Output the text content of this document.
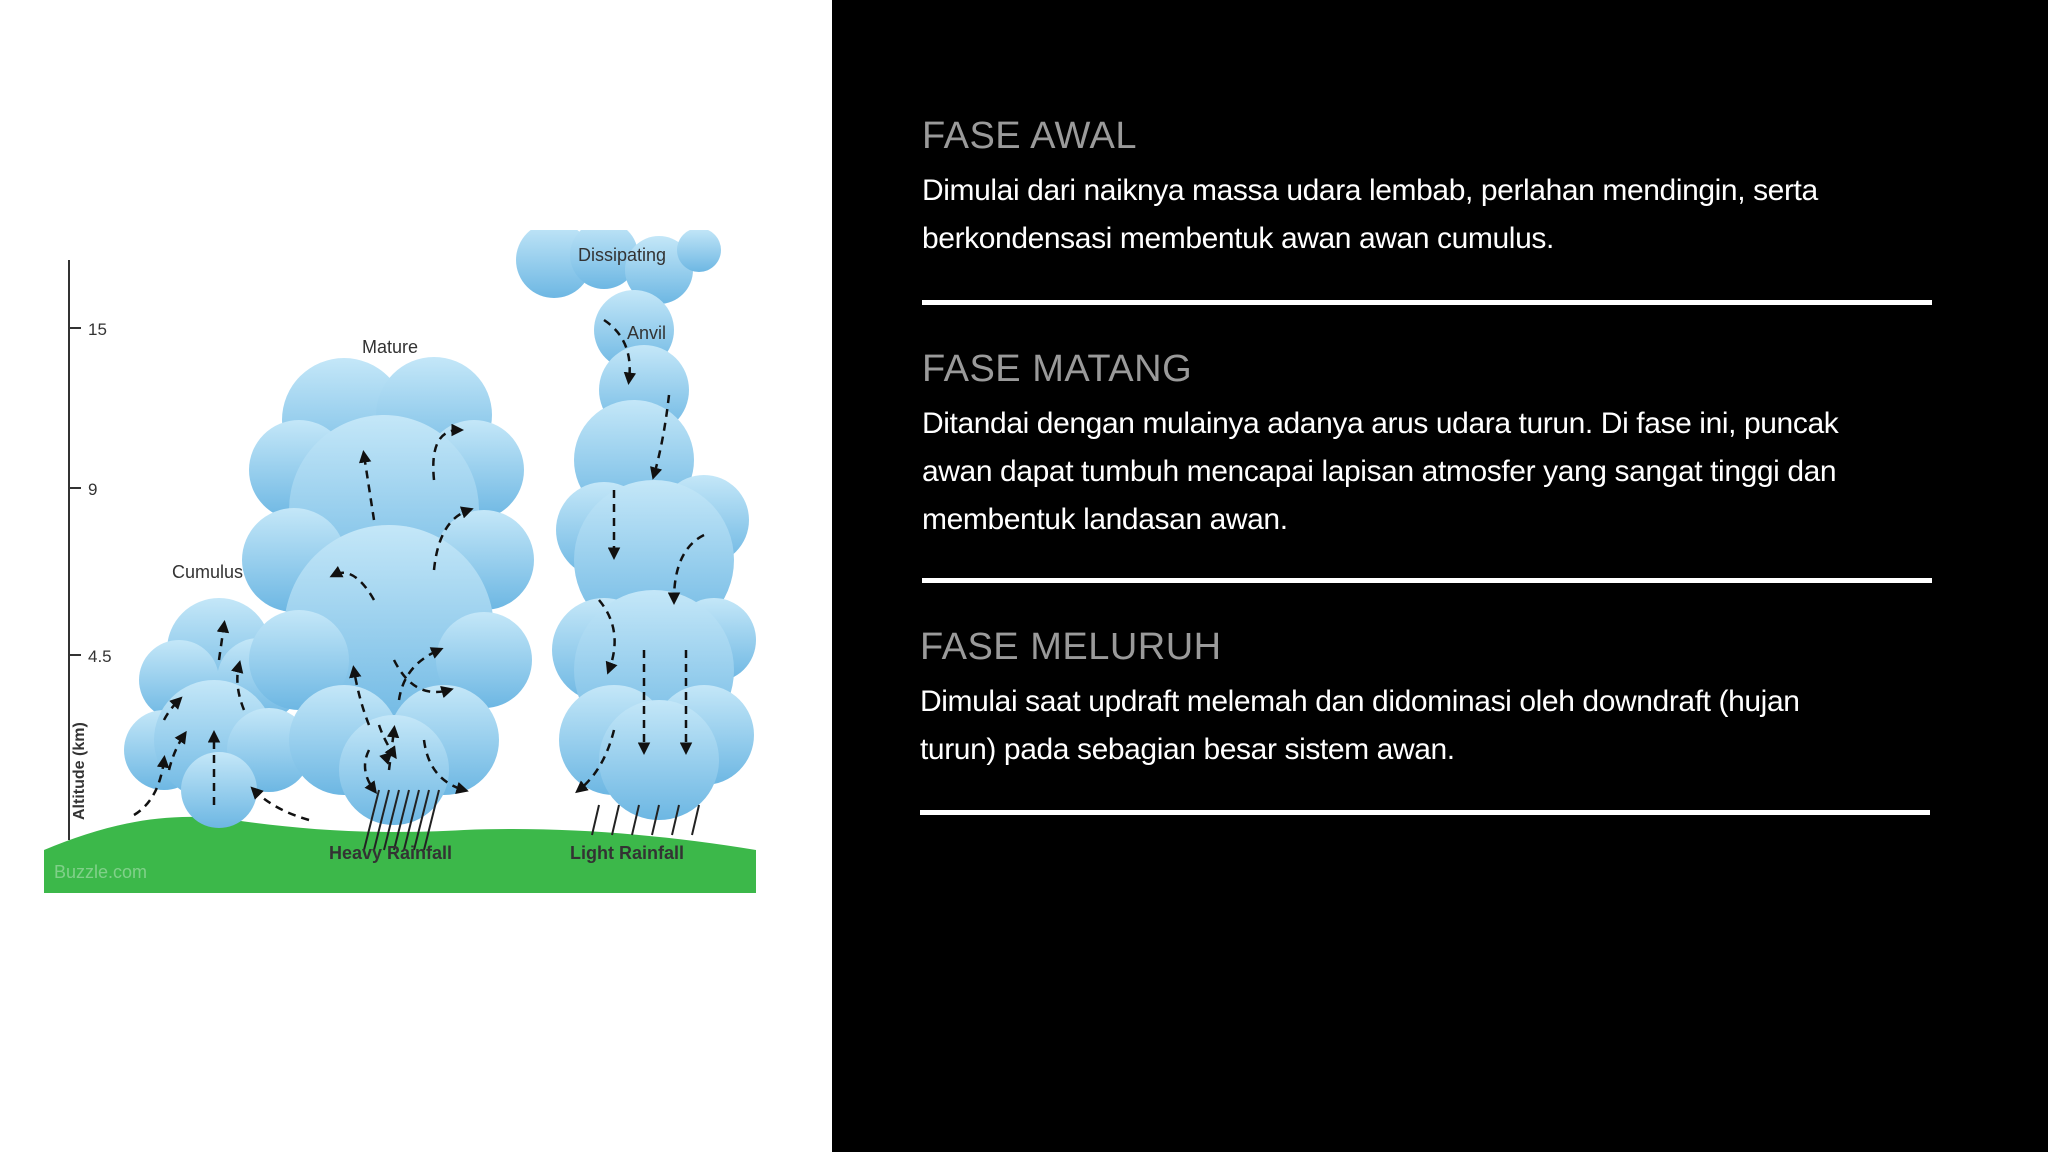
15
9
4.5
Altitude (km)
Cumulus
Mature
Dissipating
Anvil
Heavy Rainfall	Light Rainfall
Buzzle.com

FASE AWAL

Dimulai dari naiknya massa udara lembab, perlahan mendingin, serta
berkondensasi membentuk awan awan cumulus.

FASE MATANG

Ditandai dengan mulainya adanya arus udara turun. Di fase ini, puncak
awan dapat tumbuh mencapai lapisan atmosfer yang sangat tinggi dan
membentuk landasan awan.

FASE MELURUH

Dimulai saat updraft melemah dan didominasi oleh downdraft (hujan
turun) pada sebagian besar sistem awan.
